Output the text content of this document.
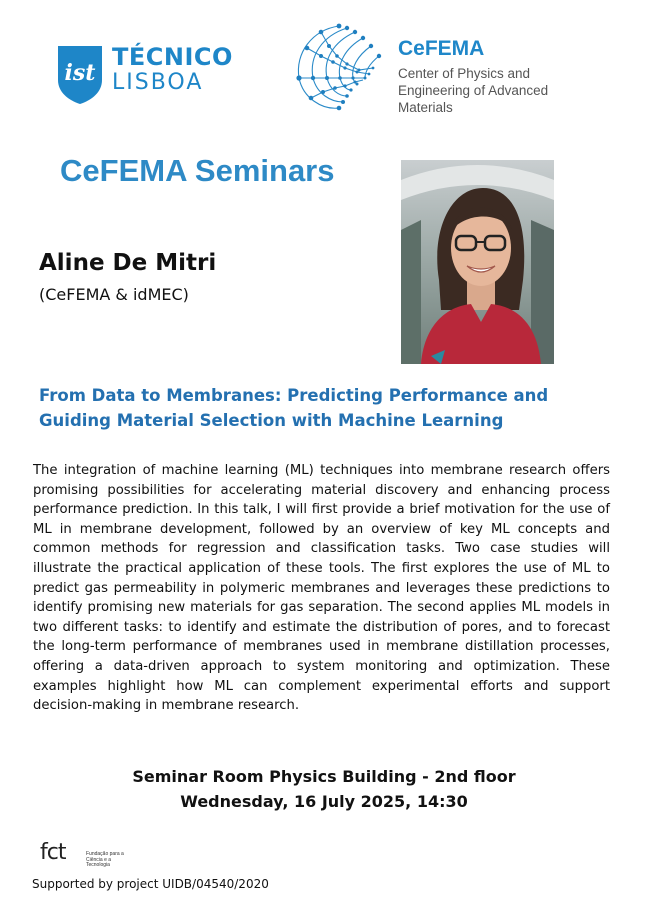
ist
TÉCNICO
LISBOA
CeFEMA
Center of Physics and Engineering of Advanced Materials
CeFEMA Seminars
Aline De Mitri
(CeFEMA & idMEC)
From Data to Membranes: Predicting Performance and Guiding Material Selection with Machine Learning
The integration of machine learning (ML) techniques into membrane research offers promising possibilities for accelerating material discovery and enhancing process performance prediction. In this talk, I will first provide a brief motivation for the use of ML in membrane development, followed by an overview of key ML concepts and common methods for regression and classification tasks. Two case studies will illustrate the practical application of these tools. The first explores the use of ML to predict gas permeability in polymeric membranes and leverages these predictions to identify promising new materials for gas separation. The second applies ML models in two different tasks: to identify and estimate the distribution of pores, and to forecast the long-term performance of membranes used in membrane distillation processes, offering a data-driven approach to system monitoring and optimization. These examples highlight how ML can complement experimental efforts and support decision-making in membrane research.
Seminar Room Physics Building - 2nd floor
Wednesday, 16 July 2025, 14:30
fct	Fundação para a Ciência e a Tecnologia
Supported by project UIDB/04540/2020
